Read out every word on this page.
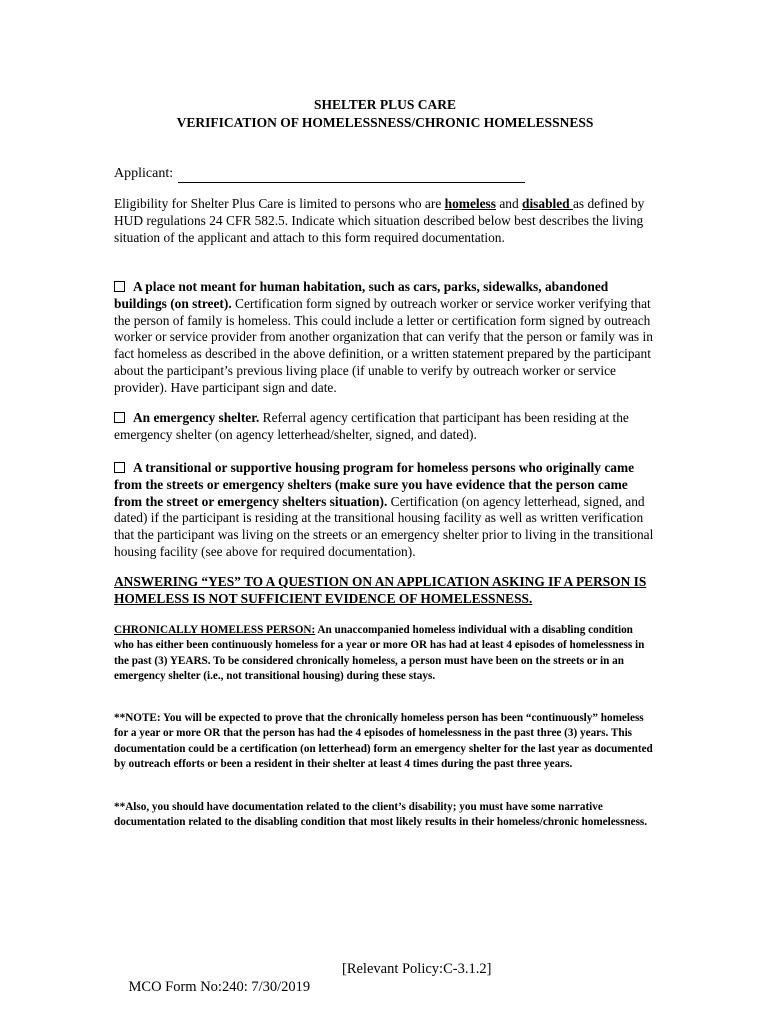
SHELTER PLUS CARE
VERIFICATION OF HOMELESSNESS/CHRONIC HOMELESSNESS
Applicant:
Eligibility for Shelter Plus Care is limited to persons who are homeless and disabled as defined by HUD regulations 24 CFR 582.5. Indicate which situation described below best describes the living situation of the applicant and attach to this form required documentation.
A place not meant for human habitation, such as cars, parks, sidewalks, abandoned buildings (on street). Certification form signed by outreach worker or service worker verifying that the person of family is homeless. This could include a letter or certification form signed by outreach worker or service provider from another organization that can verify that the person or family was in fact homeless as described in the above definition, or a written statement prepared by the participant about the participant’s previous living place (if unable to verify by outreach worker or service provider). Have participant sign and date.
An emergency shelter. Referral agency certification that participant has been residing at the emergency shelter (on agency letterhead/shelter, signed, and dated).
A transitional or supportive housing program for homeless persons who originally came from the streets or emergency shelters (make sure you have evidence that the person came from the street or emergency shelters situation). Certification (on agency letterhead, signed, and dated) if the participant is residing at the transitional housing facility as well as written verification that the participant was living on the streets or an emergency shelter prior to living in the transitional housing facility (see above for required documentation).
ANSWERING “YES” TO A QUESTION ON AN APPLICATION ASKING IF A PERSON IS HOMELESS IS NOT SUFFICIENT EVIDENCE OF HOMELESSNESS.
CHRONICALLY HOMELESS PERSON: An unaccompanied homeless individual with a disabling condition who has either been continuously homeless for a year or more OR has had at least 4 episodes of homelessness in the past (3) YEARS. To be considered chronically homeless, a person must have been on the streets or in an emergency shelter (i.e., not transitional housing) during these stays.
**NOTE: You will be expected to prove that the chronically homeless person has been “continuously” homeless for a year or more OR that the person has had the 4 episodes of homelessness in the past three (3) years. This documentation could be a certification (on letterhead) form an emergency shelter for the last year as documented by outreach efforts or been a resident in their shelter at least 4 times during the past three years.
**Also, you should have documentation related to the client’s disability; you must have some narrative documentation related to the disabling condition that most likely results in their homeless/chronic homelessness.

MCO Form No:240: 7/30/2019

[Relevant Policy:C-3.1.2]
